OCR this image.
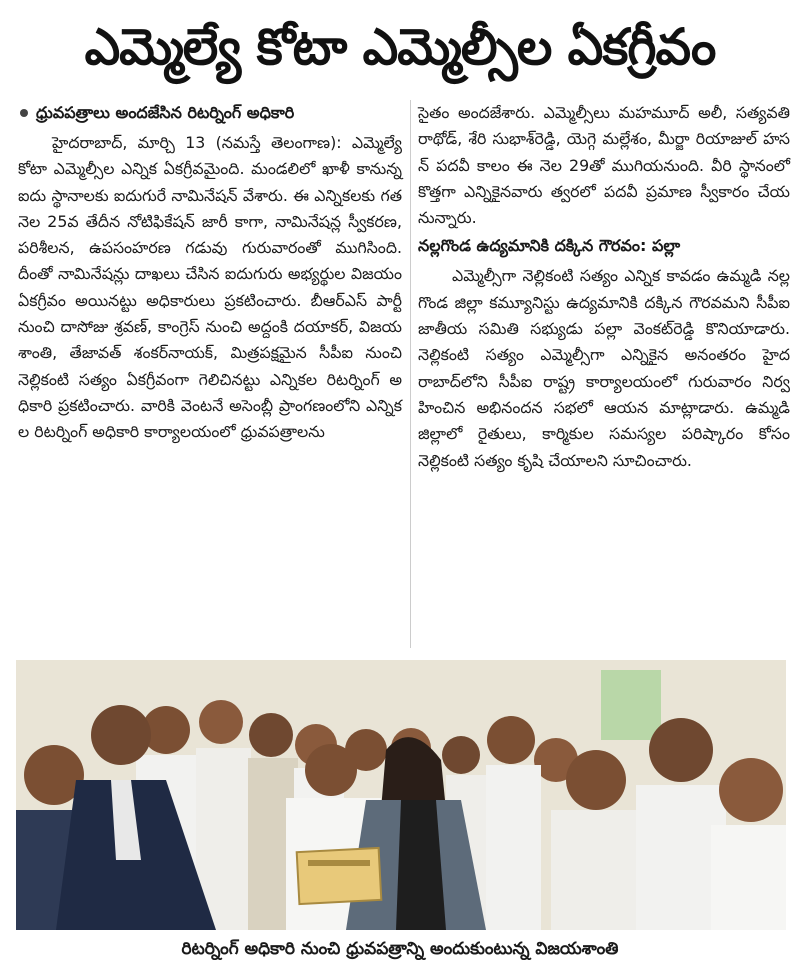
ఎమ్మెల్యే కోటా ఎమ్మెల్సీల ఏకగ్రీవం
ధ్రువపత్రాలు అందజేసిన రిటర్నింగ్ అధికారి

హైదరాబాద్, మార్చి 13 (నమస్తే తెలంగాణ): ఎమ్మెల్యే కోటా ఎమ్మెల్సీల ఎన్నిక ఏకగ్రీవమైంది. మండలిలో ఖాళీ కానున్న ఐదు స్థానాలకు ఐదుగురే నామినేషన్ వేశారు. ఈ ఎన్నికలకు గత నెల 25వ తేదీన నోటిఫికేషన్ జారీ కాగా, నామినేషన్ల స్వీకరణ, పరిశీలన, ఉపసంహరణ గడువు గురువారంతో ముగిసింది. దీంతో నామినేషన్లు దాఖలు చేసిన ఐదుగురు అభ్యర్థుల విజయం ఏకగ్రీవం అయినట్టు అధికారులు ప్రకటించారు. బీఆర్‌ఎస్ పార్టీ నుంచి దాసోజు శ్రవణ్, కాంగ్రెస్ నుంచి అద్దంకి దయాకర్, విజయశాంతి, తేజావత్ శంకర్‌నాయక్, మిత్రపక్షమైన సీపీఐ నుంచి నెల్లికంటి సత్యం ఏకగ్రీవంగా గెలిచినట్టు ఎన్నికల రిటర్నింగ్ అధికారి ప్రకటించారు. వారికి వెంటనే అసెంబ్లీ ప్రాంగణంలోని ఎన్నికల రిటర్నింగ్ అధికారి కార్యాలయంలో ధ్రువపత్రాలను

సైతం అందజేశారు. ఎమ్మెల్సీలు మహమూద్ అలీ, సత్యవతి రాథోడ్, శేరి సుభాశ్‌రెడ్డి, యెగ్గె మల్లేశం, మీర్జా రియాజుల్ హసన్ పదవీ కాలం ఈ నెల 29తో ముగియనుంది. వీరి స్థానంలో కొత్తగా ఎన్నికైనవారు త్వరలో పదవీ ప్రమాణ స్వీకారం చేయనున్నారు.

నల్లగొండ ఉద్యమానికి దక్కిన గౌరవం: పల్లా

ఎమ్మెల్సీగా నెల్లికంటి సత్యం ఎన్నిక కావడం ఉమ్మడి నల్లగొండ జిల్లా కమ్యూనిస్టు ఉద్యమానికి దక్కిన గౌరవమని సీపీఐ జాతీయ సమితి సభ్యుడు పల్లా వెంకట్‌రెడ్డి కొనియాడారు. నెల్లికంటి సత్యం ఎమ్మెల్సీగా ఎన్నికైన అనంతరం హైదరాబాద్‌లోని సీపీఐ రాష్ట్ర కార్యాలయంలో గురువారం నిర్వహించిన అభినందన సభలో ఆయన మాట్లాడారు. ఉమ్మడి జిల్లాలో రైతులు, కార్మికుల సమస్యల పరిష్కారం కోసం నెల్లికంటి సత్యం కృషి చేయాలని సూచించారు.

రిటర్నింగ్ అధికారి నుంచి ధ్రువపత్రాన్ని అందుకుంటున్న విజయశాంతి
